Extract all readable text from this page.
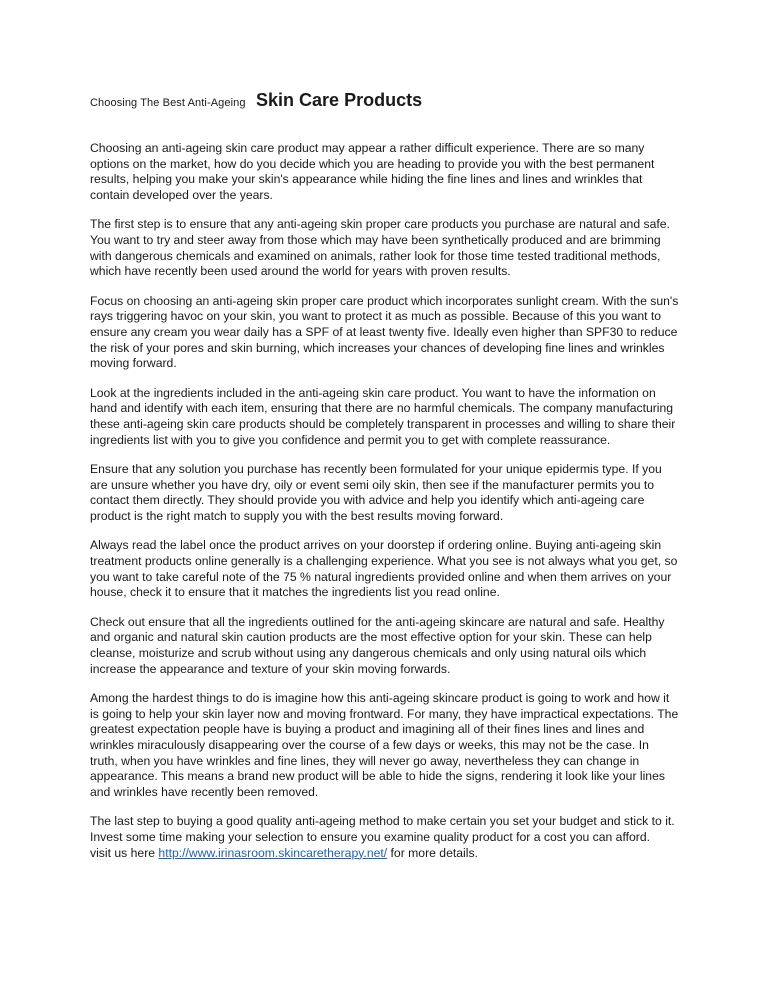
Choosing The Best Anti-Ageing Skin Care Products

Choosing an anti-ageing skin care product may appear a rather difficult experience. There are so many options on the market, how do you decide which you are heading to provide you with the best permanent results, helping you make your skin's appearance while hiding the fine lines and lines and wrinkles that contain developed over the years.

The first step is to ensure that any anti-ageing skin proper care products you purchase are natural and safe. You want to try and steer away from those which may have been synthetically produced and are brimming with dangerous chemicals and examined on animals, rather look for those time tested traditional methods, which have recently been used around the world for years with proven results.

Focus on choosing an anti-ageing skin proper care product which incorporates sunlight cream. With the sun's rays triggering havoc on your skin, you want to protect it as much as possible. Because of this you want to ensure any cream you wear daily has a SPF of at least twenty five. Ideally even higher than SPF30 to reduce the risk of your pores and skin burning, which increases your chances of developing fine lines and wrinkles moving forward.

Look at the ingredients included in the anti-ageing skin care product. You want to have the information on hand and identify with each item, ensuring that there are no harmful chemicals. The company manufacturing these anti-ageing skin care products should be completely transparent in processes and willing to share their ingredients list with you to give you confidence and permit you to get with complete reassurance.

Ensure that any solution you purchase has recently been formulated for your unique epidermis type. If you are unsure whether you have dry, oily or event semi oily skin, then see if the manufacturer permits you to contact them directly. They should provide you with advice and help you identify which anti-ageing care product is the right match to supply you with the best results moving forward.

Always read the label once the product arrives on your doorstep if ordering online. Buying anti-ageing skin treatment products online generally is a challenging experience. What you see is not always what you get, so you want to take careful note of the 75 % natural ingredients provided online and when them arrives on your house, check it to ensure that it matches the ingredients list you read online.

Check out ensure that all the ingredients outlined for the anti-ageing skincare are natural and safe. Healthy and organic and natural skin caution products are the most effective option for your skin. These can help cleanse, moisturize and scrub without using any dangerous chemicals and only using natural oils which increase the appearance and texture of your skin moving forwards.

Among the hardest things to do is imagine how this anti-ageing skincare product is going to work and how it is going to help your skin layer now and moving frontward. For many, they have impractical expectations. The greatest expectation people have is buying a product and imagining all of their fines lines and lines and wrinkles miraculously disappearing over the course of a few days or weeks, this may not be the case. In truth, when you have wrinkles and fine lines, they will never go away, nevertheless they can change in appearance. This means a brand new product will be able to hide the signs, rendering it look like your lines and wrinkles have recently been removed.

The last step to buying a good quality anti-ageing method to make certain you set your budget and stick to it. Invest some time making your selection to ensure you examine quality product for a cost you can afford.

visit us here http://www.irinasroom.skincaretherapy.net/ for more details.
